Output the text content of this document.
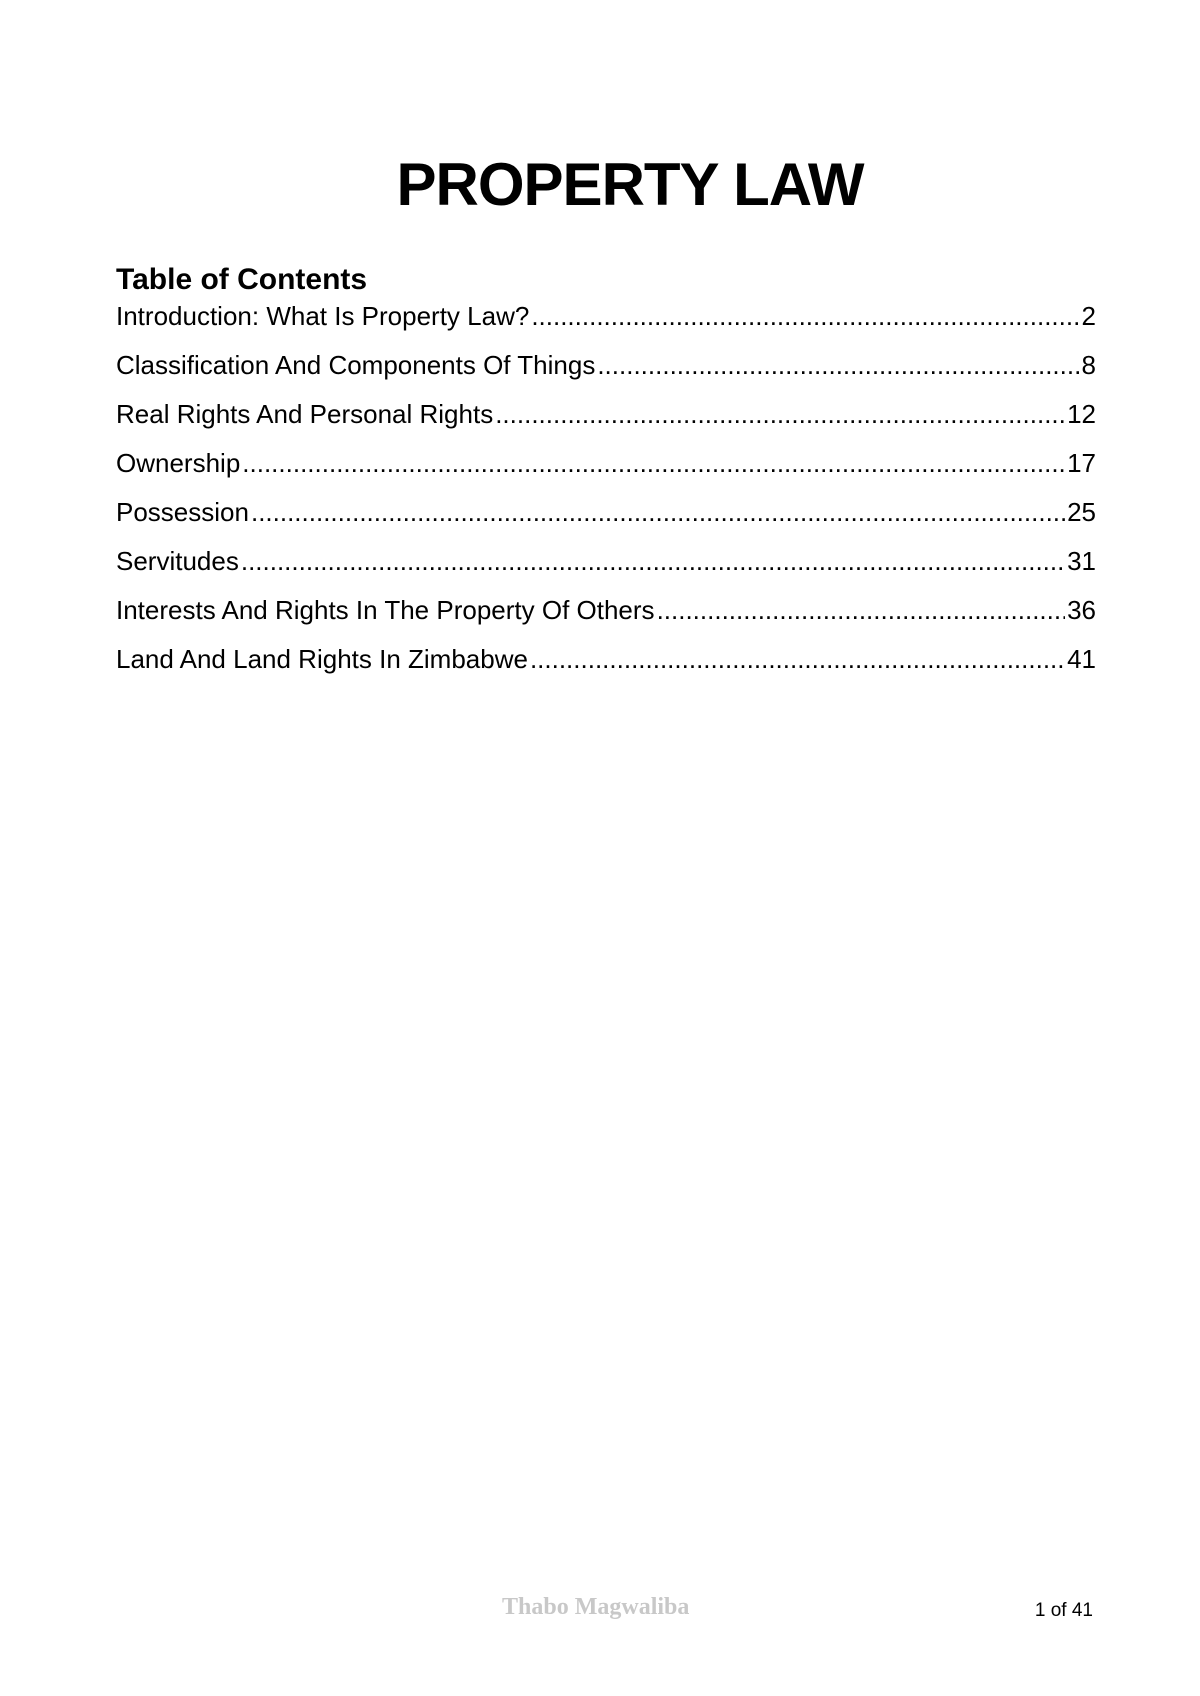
PROPERTY LAW
Table of Contents
Introduction: What Is Property Law? .....	2
Classification And Components Of Things .....	8
Real Rights And Personal Rights .....	12
Ownership .....	17
Possession .....	25
Servitudes .....	31
Interests And Rights In The Property Of Others .....	36
Land And Land Rights In Zimbabwe .....	41
Thabo Magwaliba	1 of 41
